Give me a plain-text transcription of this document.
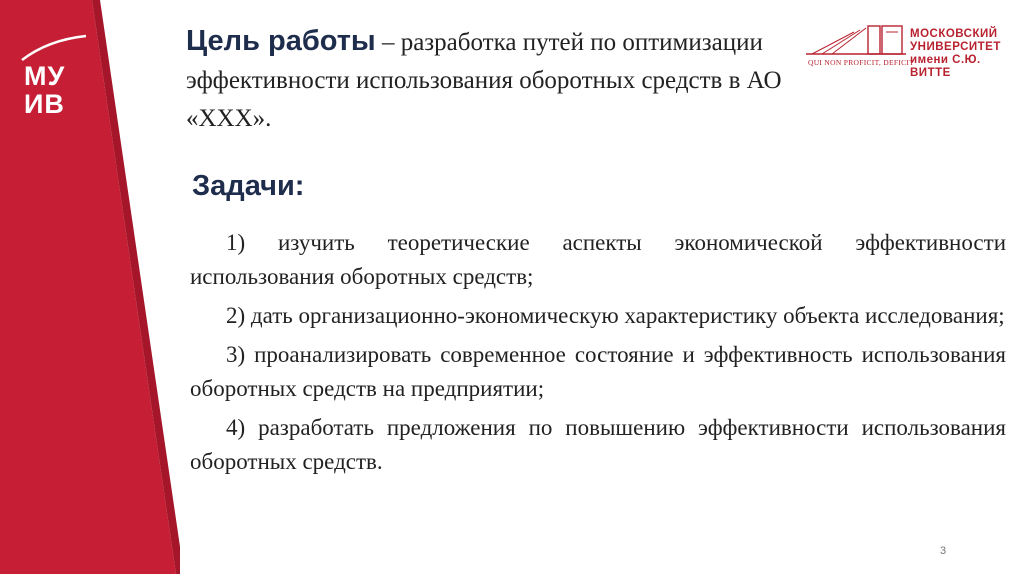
МУ
ИВ
Цель работы – разработка путей по оптимизации эффективности использования оборотных средств в АО «ХХХ».
QUI NON PROFICIT, DEFICIT
МОСКОВСКИЙ
УНИВЕРСИТЕТ
имени С.Ю. ВИТТЕ
Задачи:

1) изучить теоретические аспекты экономической эффективности использования оборотных средств;

2) дать организационно-экономическую характеристику объекта исследования;

3) проанализировать современное состояние и эффективность использования оборотных средств на предприятии;

4) разработать предложения по повышению эффективности использования оборотных средств.

3
